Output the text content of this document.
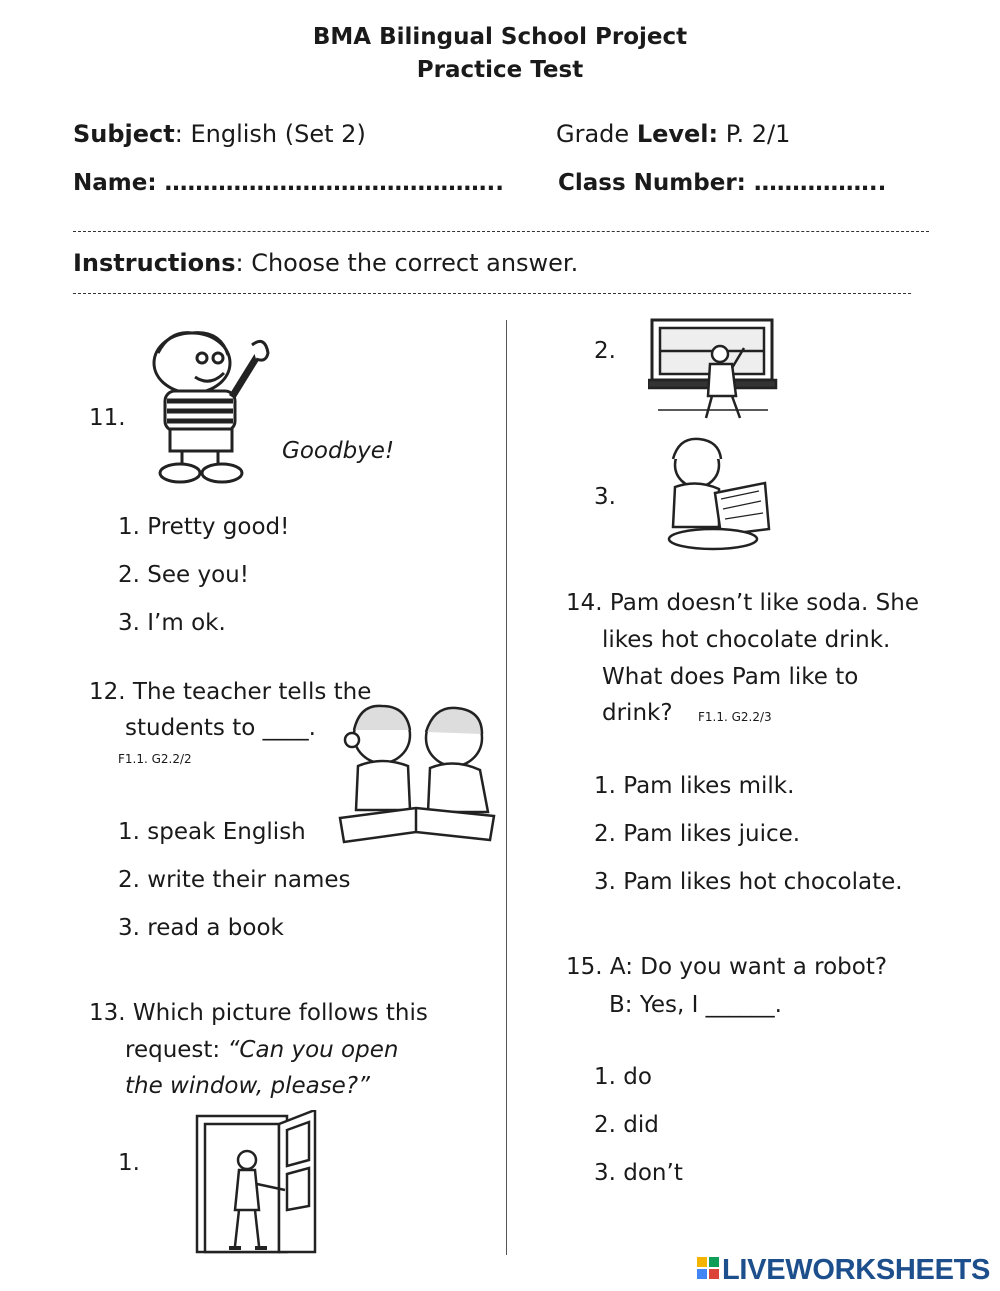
BMA Bilingual School Project
Practice Test
Subject: English (Set 2)	Grade Level: P. 2/1
Name: …………………………………….. Class Number: ……………..
Instructions: Choose the correct answer.
11.
Goodbye!
1. Pretty good!
2. See you!
3. I’m ok.
12. The teacher tells the
students to ____.
F1.1. G2.2/2
1. speak English
2. write their names
3. read a book
13. Which picture follows this
request: “Can you open
the window, please?”
1.
2.
3.
14. Pam doesn’t like soda. She
likes hot chocolate drink.
What does Pam like to
drink? F1.1. G2.2/3
1. Pam likes milk.
2. Pam likes juice.
3. Pam likes hot chocolate.
15. A: Do you want a robot?
B: Yes, I ______.
1. do
2. did
3. don’t
LIVEWORKSHEETS
